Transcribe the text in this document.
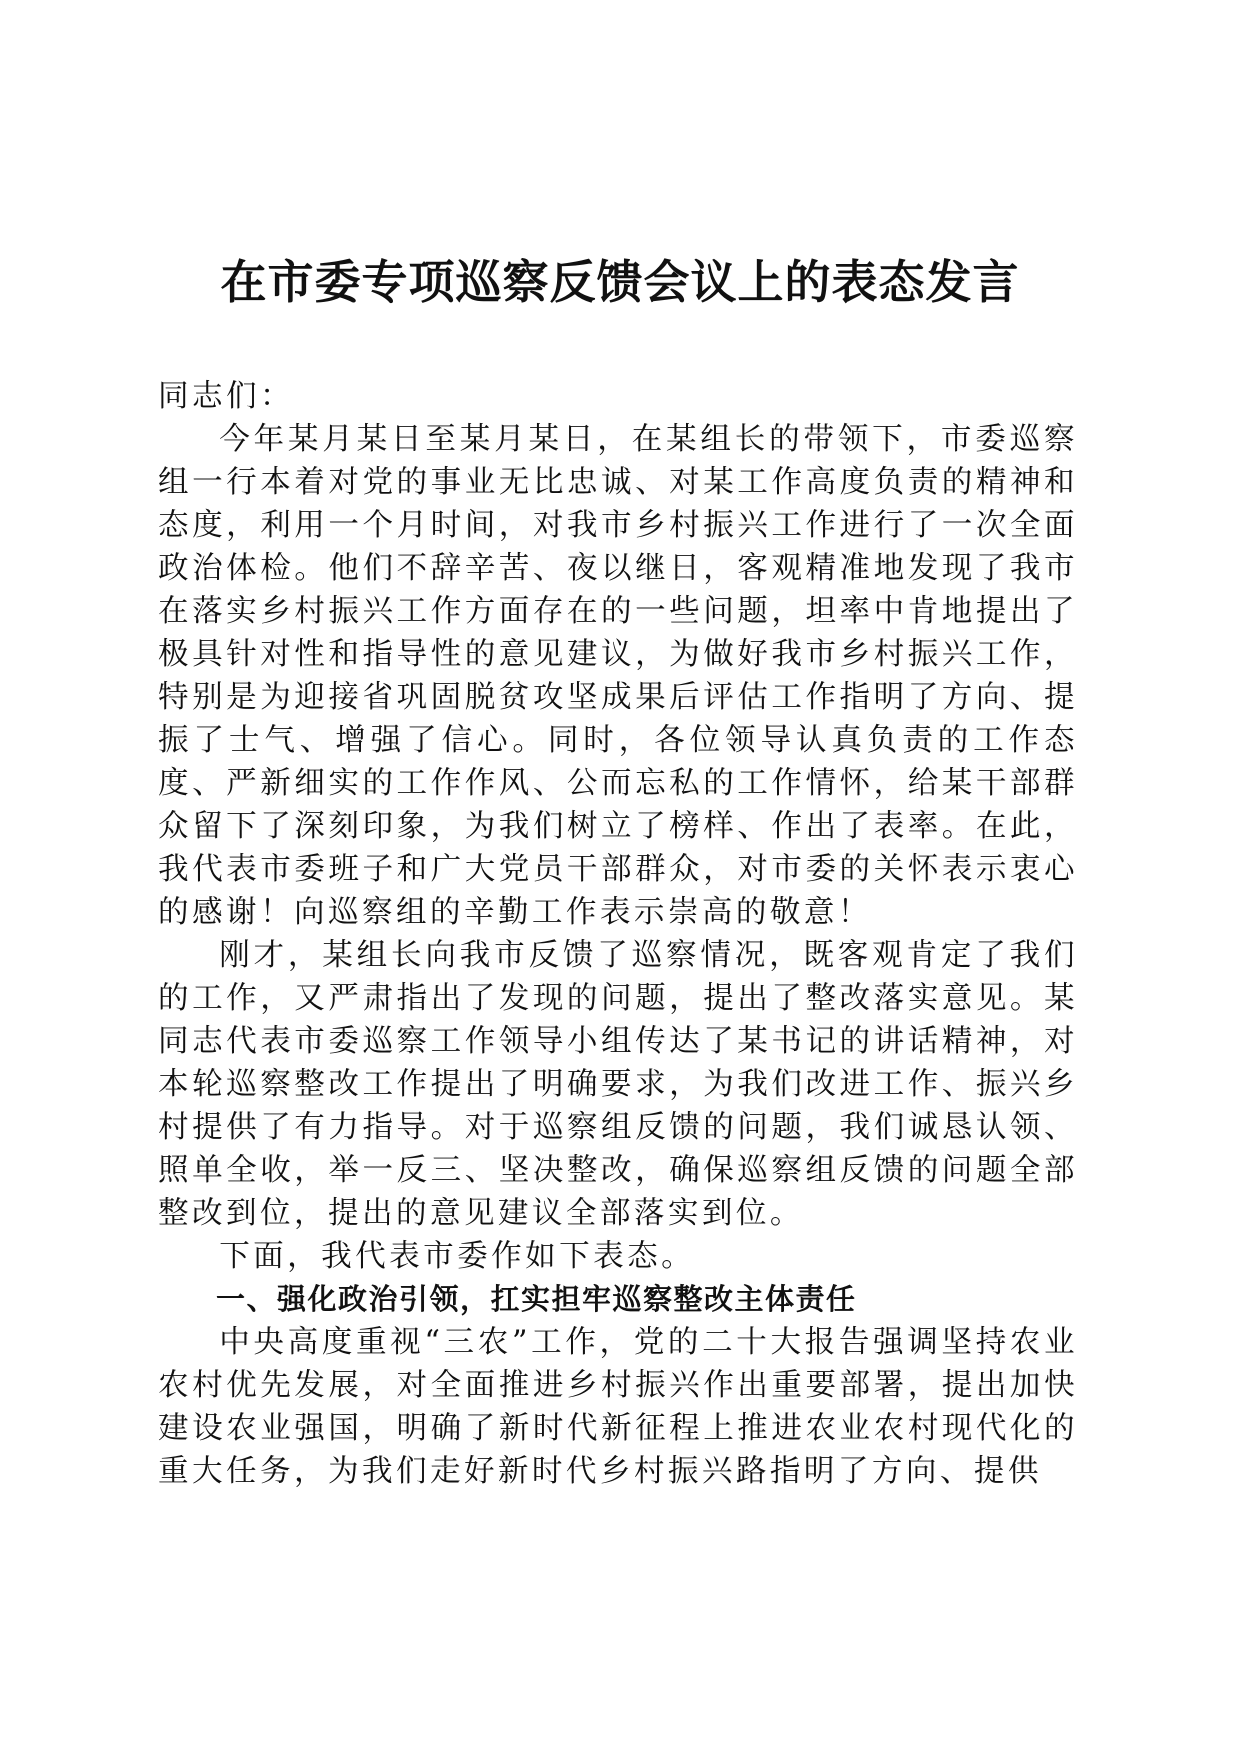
在市委专项巡察反馈会议上的表态发言

同志们：

今年某月某日至某月某日，在某组长的带领下，市委巡察组一行本着对党的事业无比忠诚、对某工作高度负责的精神和态度，利用一个月时间，对我市乡村振兴工作进行了一次全面政治体检。他们不辞辛苦、夜以继日，客观精准地发现了我市在落实乡村振兴工作方面存在的一些问题，坦率中肯地提出了极具针对性和指导性的意见建议，为做好我市乡村振兴工作，特别是为迎接省巩固脱贫攻坚成果后评估工作指明了方向、提振了士气、增强了信心。同时，各位领导认真负责的工作态度、严新细实的工作作风、公而忘私的工作情怀，给某干部群众留下了深刻印象，为我们树立了榜样、作出了表率。在此，我代表市委班子和广大党员干部群众，对市委的关怀表示衷心的感谢！向巡察组的辛勤工作表示崇高的敬意！

刚才，某组长向我市反馈了巡察情况，既客观肯定了我们的工作，又严肃指出了发现的问题，提出了整改落实意见。某同志代表市委巡察工作领导小组传达了某书记的讲话精神，对本轮巡察整改工作提出了明确要求，为我们改进工作、振兴乡村提供了有力指导。对于巡察组反馈的问题，我们诚恳认领、照单全收，举一反三、坚决整改，确保巡察组反馈的问题全部整改到位，提出的意见建议全部落实到位。

下面，我代表市委作如下表态。

一、强化政治引领，扛实担牢巡察整改主体责任

中央高度重视“三农”工作，党的二十大报告强调坚持农业农村优先发展，对全面推进乡村振兴作出重要部署，提出加快建设农业强国，明确了新时代新征程上推进农业农村现代化的重大任务，为我们走好新时代乡村振兴路指明了方向、提供
